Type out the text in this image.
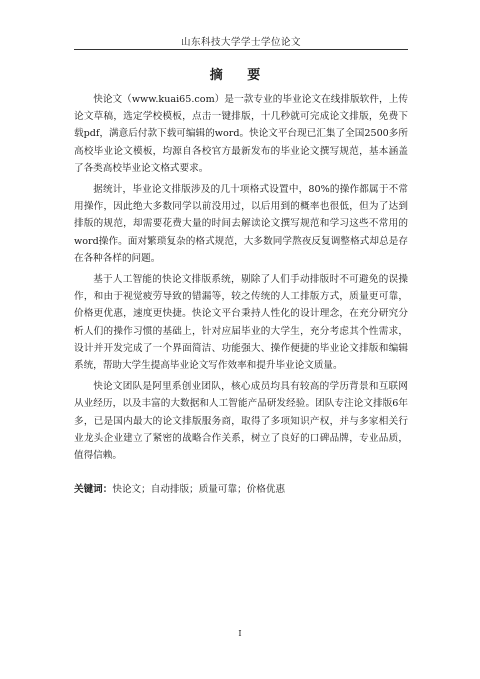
山东科技大学学士学位论文
摘 要

快论文（www.kuai65.com）是一款专业的毕业论文在线排版软件，上传论文草稿，选定学校模板，点击一键排版，十几秒就可完成论文排版，免费下载pdf，满意后付款下载可编辑的word。快论文平台现已汇集了全国2500多所高校毕业论文模板，均源自各校官方最新发布的毕业论文撰写规范，基本涵盖了各类高校毕业论文格式要求。

据统计，毕业论文排版涉及的几十项格式设置中，80%的操作都属于不常用操作，因此绝大多数同学以前没用过，以后用到的概率也很低，但为了达到排版的规范，却需要花费大量的时间去解读论文撰写规范和学习这些不常用的word操作。面对繁琐复杂的格式规范，大多数同学熬夜反复调整格式却总是存在各种各样的问题。

基于人工智能的快论文排版系统，剔除了人们手动排版时不可避免的误操作，和由于视觉疲劳导致的错漏等，较之传统的人工排版方式，质量更可靠，价格更优惠，速度更快捷。快论文平台秉持人性化的设计理念，在充分研究分析人们的操作习惯的基础上，针对应届毕业的大学生，充分考虑其个性需求，设计并开发完成了一个界面简洁、功能强大、操作便捷的毕业论文排版和编辑系统，帮助大学生提高毕业论文写作效率和提升毕业论文质量。

快论文团队是阿里系创业团队，核心成员均具有较高的学历背景和互联网从业经历，以及丰富的大数据和人工智能产品研发经验。团队专注论文排版6年多，已是国内最大的论文排版服务商，取得了多项知识产权，并与多家相关行业龙头企业建立了紧密的战略合作关系，树立了良好的口碑品牌，专业品质，值得信赖。

关键词：快论文；自动排版；质量可靠；价格优惠
I
